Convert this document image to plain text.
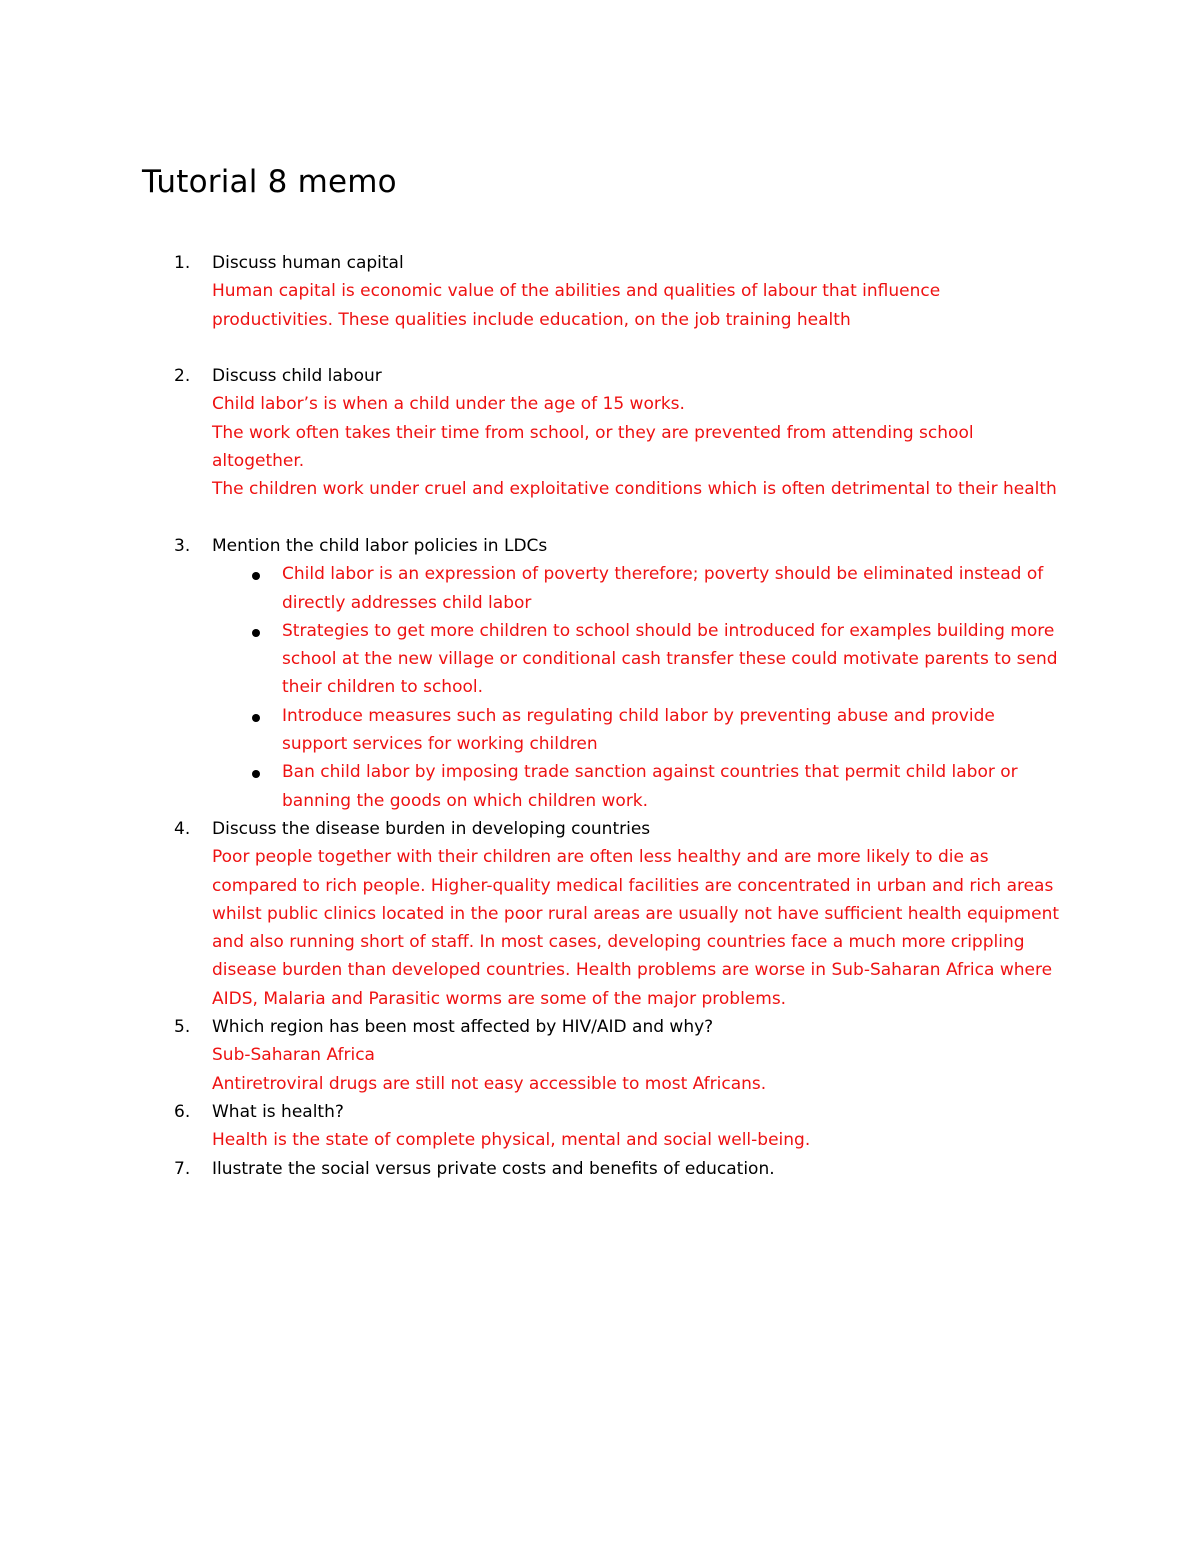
Tutorial 8 memo
1.	Discuss human capital
Human capital is economic value of the abilities and qualities of labour that influence productivities. These qualities include education, on the job training health
2.	Discuss child labour
Child labor’s is when a child under the age of 15 works.
The work often takes their time from school, or they are prevented from attending school altogether.
The children work under cruel and exploitative conditions which is often detrimental to their health
3.	Mention the child labor policies in LDCs
Child labor is an expression of poverty therefore; poverty should be eliminated instead of directly addresses child labor
Strategies to get more children to school should be introduced for examples building more school at the new village or conditional cash transfer these could motivate parents to send their children to school.
Introduce measures such as regulating child labor by preventing abuse and provide support services for working children
Ban child labor by imposing trade sanction against countries that permit child labor or banning the goods on which children work.
4.	Discuss the disease burden in developing countries
Poor people together with their children are often less healthy and are more likely to die as compared to rich people. Higher-quality medical facilities are concentrated in urban and rich areas whilst public clinics located in the poor rural areas are usually not have sufficient health equipment and also running short of staff. In most cases, developing countries face a much more crippling disease burden than developed countries. Health problems are worse in Sub-Saharan Africa where AIDS, Malaria and Parasitic worms are some of the major problems.
5.	Which region has been most affected by HIV/AID and why?
Sub-Saharan Africa
Antiretroviral drugs are still not easy accessible to most Africans.
6.	What is health?
Health is the state of complete physical, mental and social well-being.
7.	Ilustrate the social versus private costs and benefits of education.
